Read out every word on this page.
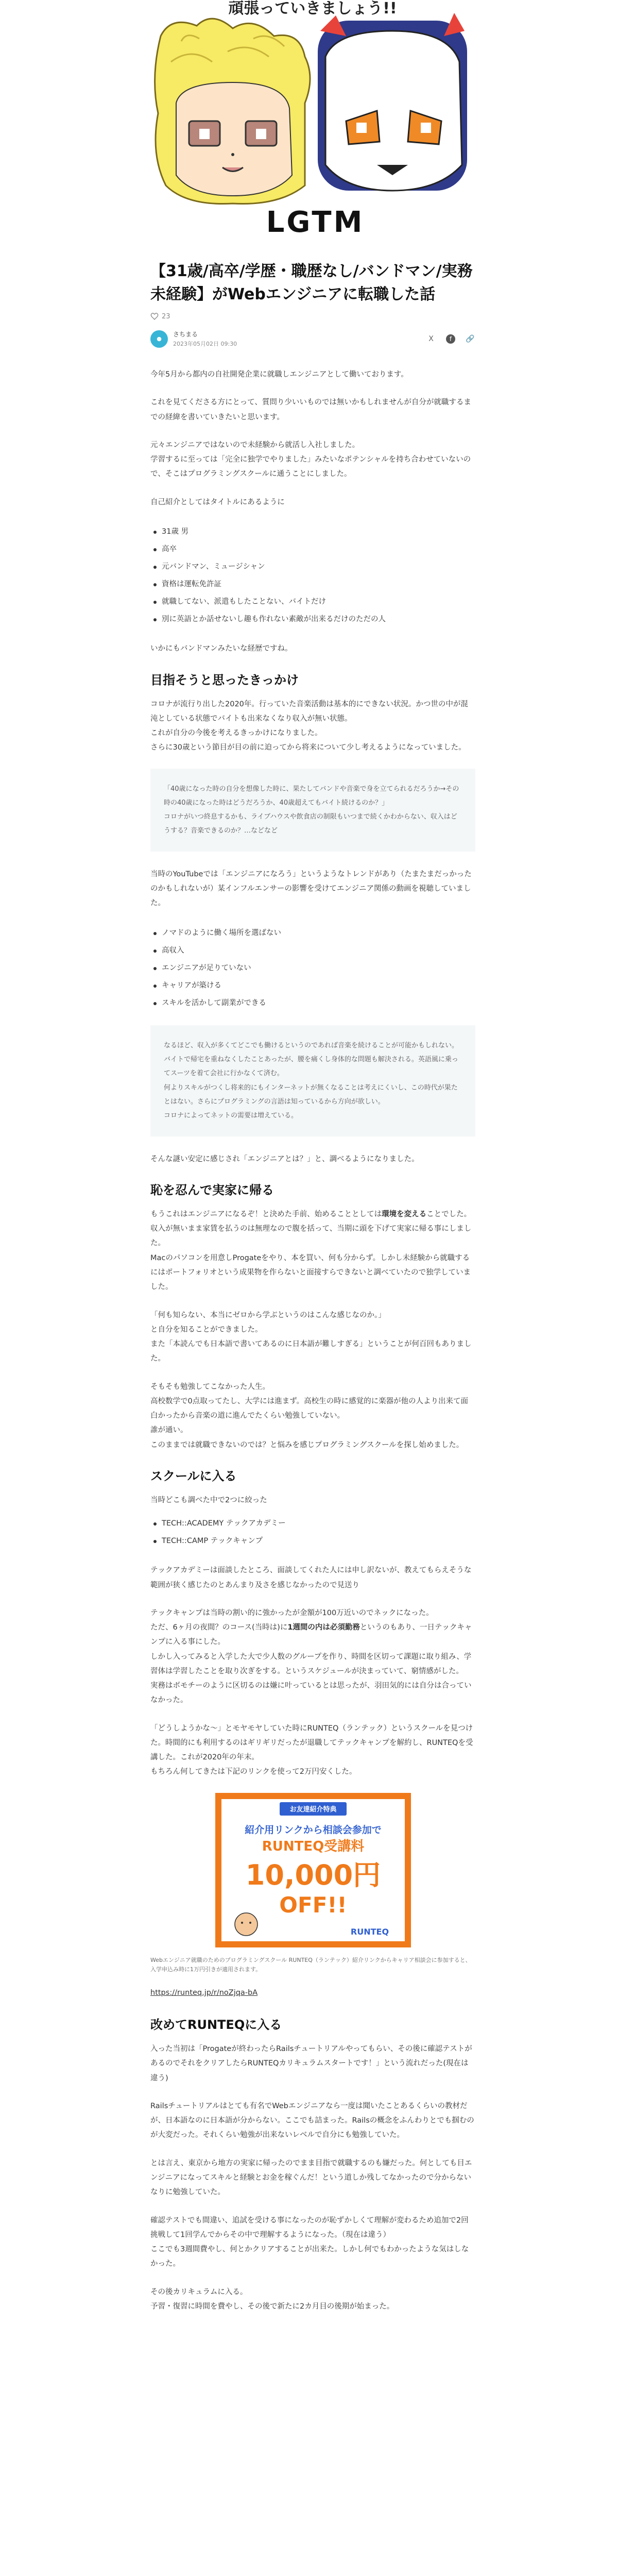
頑張っていきましょう!!
LGTM
【31歳/高卒/学歴・職歴なし/バンドマン/実務未経験】がWebエンジニアに転職した話
23
●
さちまる
2023年05月02日 09:30
X	f	🔗

今年5月から都内の自社開発企業に就職しエンジニアとして働いております。

これを見てくださる方にとって、質問り少いいものでは無いかもしれませんが自分が就職するまでの経緯を書いていきたいと思います。

元々エンジニアではないので未経験から就活し入社しました。
学習するに至っては「完全に独学でやりました」みたいなポテンシャルを持ち合わせていないので、そこはプログラミングスクールに通うことにしました。

自己紹介としてはタイトルにあるように

31歳 男
高卒
元バンドマン、ミュージシャン
資格は運転免許証
就職してない、派遣もしたことない、バイトだけ
別に英語とか話せないし趣も作れない素敵が出来るだけのただの人

いかにもバンドマンみたいな経歴ですね。

目指そうと思ったきっかけ

コロナが流行り出した2020年。行っていた音楽活動は基本的にできない状況。かつ世の中が混沌としている状態でバイトも出来なくなり収入が無い状態。
これが自分の今後を考えるきっかけになりました。
さらに30歳という節目が目の前に迫ってから将来について少し考えるようになっていました。

「40歳になった時の自分を想像した時に、果たしてバンドや音楽で身を立てられるだろうか→その時の40歳になった時はどうだろうか、40歳超えてもバイト続けるのか？」
コロナがいつ終息するかも、ライブハウスや飲食店の制限もいつまで続くかわからない、収入はどうする？音楽できるのか？…などなど

当時のYouTubeでは「エンジニアになろう」というようなトレンドがあり（たまたまだっかったのかもしれないが）某インフルエンサーの影響を受けてエンジニア関係の動画を視聴していました。

ノマドのように働く場所を選ばない
高収入
エンジニアが足りていない
キャリアが築ける
スキルを活かして副業ができる

なるほど、収入が多くてどこでも働けるというのであれば音楽を続けることが可能かもしれない。
バイトで帰宅を重ねなくしたことあったが、腰を痛くし身体的な問題も解決される。英語風に乗ってスーツを着て会社に行かなくて済む。
何よりスキルがつくし将来的にもインターネットが無くなることは考えにくいし、この時代が果たとはない。さらにプログラミングの言語は知っているから方向が欲しい。
コロナによってネットの需要は増えている。

そんな謎い安定に感じされ「エンジニアとは？」と、調べるようになりました。

恥を忍んで実家に帰る

もうこれはエンジニアになるぞ！と決めた手前、始めることとしては環境を変えることでした。
収入が無いまま家賃を払うのは無理なので腹を括って、当期に頭を下げて実家に帰る事にしました。
Macのパソコンを用意しProgateをやり、本を買い、何も分からず。しかし未経験から就職するにはポートフォリオという成果物を作らないと面接すらできないと調べていたので独学していました。

「何も知らない、本当にゼロから学ぶというのはこんな感じなのか。」
と自分を知ることができました。
また「本読んでも日本語で書いてあるのに日本語が難しすぎる」ということが何百回もありました。

そもそも勉強してこなかった人生。
高校数学で0点取ってたし、大学には進まず。高校生の時に感覚的に楽器が他の人より出来て面白かったから音楽の道に進んでたくらい勉強していない。
誰が通い。
このままでは就職できないのでは？と悩みを感じプログラミングスクールを探し始めました。

スクールに入る

当時どこも調べた中で2つに絞った

TECH::ACADEMY テックアカデミー
TECH::CAMP テックキャンプ

テックアカデミーは面談したところ、面談してくれた人には申し訳ないが、教えてもらえそうな範囲が狭く感じたのとあんまり及さを感じなかったので見送り

テックキャンプは当時の割い的に強かったが金額が100万近いのでネックになった。
ただ、6ヶ月の夜間？のコース(当時は)に1週間の内は必須勤務というのもあり、一日テックキャンプに入る事にした。
しかし入ってみると入学した大で少人数のグループを作り、時間を区切って課題に取り組み、学習体は学習したことを取り次ぎをする。というスケジュールが決まっていて、窮情感がした。
実務はボモチーのように区切るのは嫌に叶っているとは思ったが、羽田気的には自分は合っていなかった。

「どうしようかな〜」とモヤモヤしていた時にRUNTEQ（ランテック）というスクールを見つけた。時間的にも利用するのはギリギリだったが退職してテックキャンプを解約し、RUNTEQを受講した。これが2020年の年末。
もちろん何してきたは下記のリンクを使って2万円安くした。

お友達紹介特典
紹介用リンクから相談会参加で
RUNTEQ受講料
10,000円
OFF!!
RUNTEQ

Webエンジニア就職のためのプログラミングスクール RUNTEQ（ランテック）紹介リンクからキャリア相談会に参加すると、入学申込み時に1万円引きが適用されます。

https://runteq.jp/r/noZjqa-bA
改めてRUNTEQに入る

入った当初は「Progateが終わったらRailsチュートリアルやってもらい、その後に確認テストがあるのでそれをクリアしたらRUNTEQカリキュラムスタートです！」という流れだった(現在は違う)

Railsチュートリアルはとても有名でWebエンジニアなら一度は聞いたことあるくらいの教材だが、日本語なのに日本語が分からない。ここでも詰まった。Railsの概念をふんわりとでも掴むのが大変だった。それくらい勉強が出来ないレベルで自分にも勉強していた。

とは言え、東京から地方の実家に帰ったのでまま目指で就職するのも嫌だった。何としても目エンジニアになってスキルと経験とお金を稼ぐんだ！という道しか残してなかったので分からないなりに勉強していた。

確認テストでも間違い、追試を受ける事になったのが恥ずかしくて理解が変わるため追加で2回挑戦して1回学んでからその中で理解するようになった。（現在は違う）
ここでも3週間費やし、何とかクリアすることが出来た。しかし何でもわかったような気はしなかった。

その後カリキュラムに入る。
予習・復習に時間を費やし、その後で新たに2カ月目の後期が始まった。
